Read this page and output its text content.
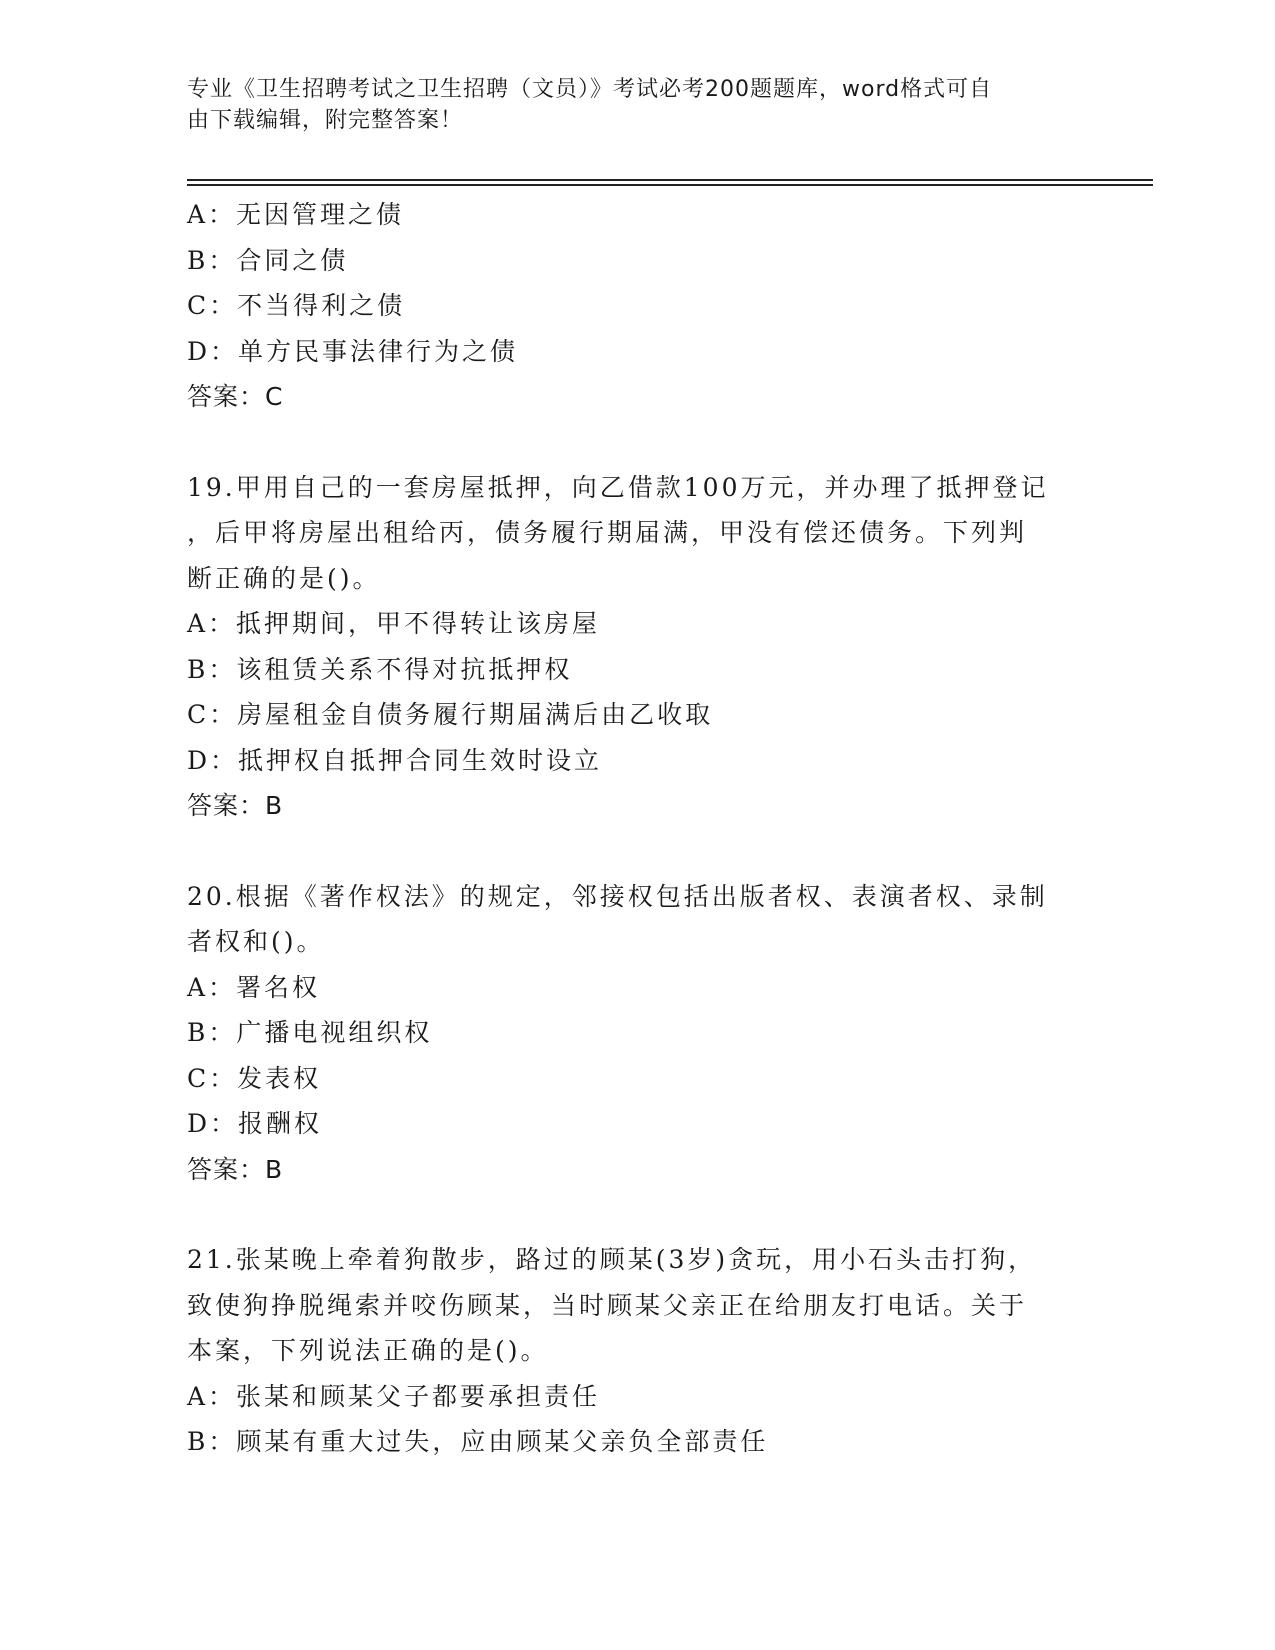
专业《卫生招聘考试之卫生招聘（文员）》考试必考200题题库，word格式可自
由下载编辑，附完整答案！
A：无因管理之债
B：合同之债
C：不当得利之债
D：单方民事法律行为之债
答案：C
19.甲用自己的一套房屋抵押，向乙借款100万元，并办理了抵押登记
，后甲将房屋出租给丙，债务履行期届满，甲没有偿还债务。下列判
断正确的是()。
A：抵押期间，甲不得转让该房屋
B：该租赁关系不得对抗抵押权
C：房屋租金自债务履行期届满后由乙收取
D：抵押权自抵押合同生效时设立
答案：B
20.根据《著作权法》的规定，邻接权包括出版者权、表演者权、录制
者权和()。
A：署名权
B：广播电视组织权
C：发表权
D：报酬权
答案：B
21.张某晚上牵着狗散步，路过的顾某(3岁)贪玩，用小石头击打狗，
致使狗挣脱绳索并咬伤顾某，当时顾某父亲正在给朋友打电话。关于
本案，下列说法正确的是()。
A：张某和顾某父子都要承担责任
B：顾某有重大过失，应由顾某父亲负全部责任
